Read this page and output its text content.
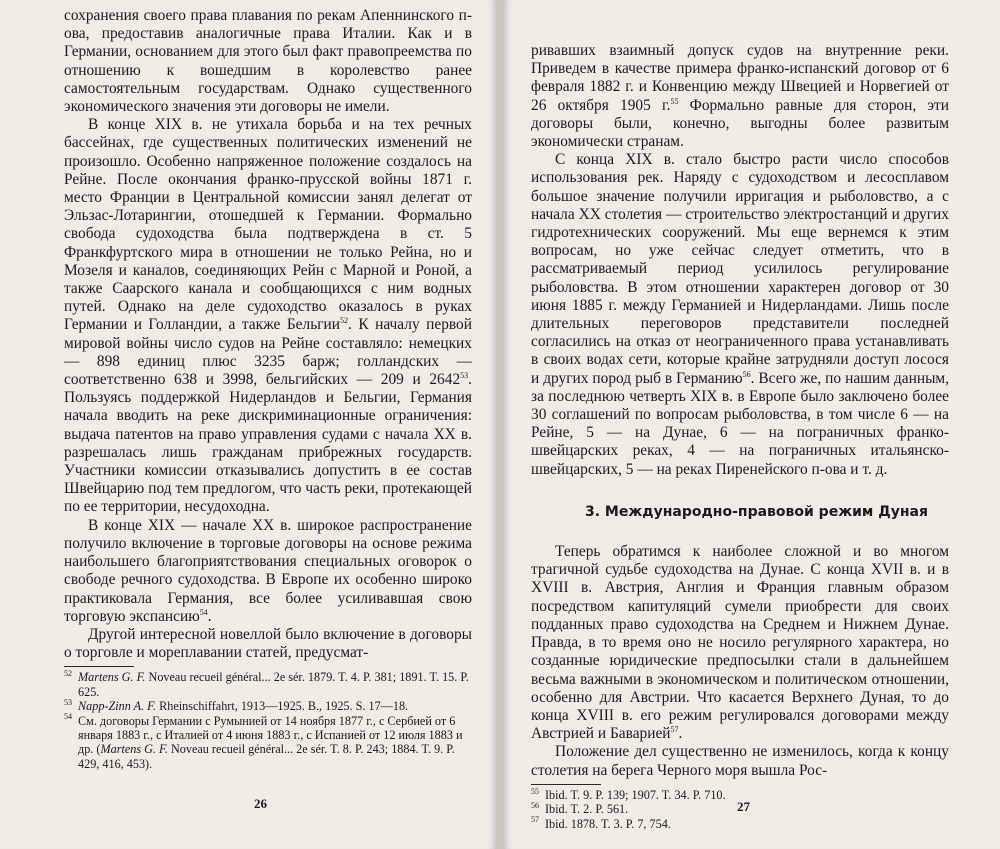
сохранения своего права плавания по рекам Апеннинского п-ова, предоставив аналогичные права Италии. Как и в Германии, основанием для этого был факт правопреемства по отношению к вошедшим в королевство ранее самостоятельным государствам. Однако существенного экономического значения эти договоры не имели.

В конце XIX в. не утихала борьба и на тех речных бассейнах, где существенных политических изменений не произошло. Особенно напряженное положение создалось на Рейне. После окончания франко-прусской войны 1871 г. место Франции в Центральной комиссии занял делегат от Эльзас-Лотарингии, отошедшей к Германии. Формально свобода судоходства была подтверждена в ст. 5 Франкфуртского мира в отношении не только Рейна, но и Мозеля и каналов, соединяющих Рейн с Марной и Роной, а также Саарского канала и сообщающихся с ним водных путей. Однако на деле судоходство оказалось в руках Германии и Голландии, а также Бельгии$^{52}$. К началу первой мировой войны число судов на Рейне составляло: немецких — 898 единиц плюс 3235 барж; голландских — соответственно 638 и 3998, бельгийских — 209 и 2642$^{53}$. Пользуясь поддержкой Нидерландов и Бельгии, Германия начала вводить на реке дискриминационные ограничения: выдача патентов на право управления судами с начала XX в. разрешалась лишь гражданам прибрежных государств. Участники комиссии отказывались допустить в ее состав Швейцарию под тем предлогом, что часть реки, протекающей по ее территории, несудоходна.

В конце XIX — начале XX в. широкое распространение получило включение в торговые договоры на основе режима наибольшего благоприятствования специальных оговорок о свободе речного судоходства. В Европе их особенно широко практиковала Германия, все более усиливавшая свою торговую экспансию$^{54}$.

Другой интересной новеллой было включение в договоры о торговле и мореплавании статей, предусмат-

52 Martens G. F. Noveau recueil général... 2e sér. 1879. T. 4. P. 381; 1891. T. 15. P. 625.

53 Napp-Zinn A. F. Rheinschiffahrt, 1913—1925. B., 1925. S. 17—18.

54 См. договоры Германии с Румынией от 14 ноября 1877 г., с Сербией от 6 января 1883 г., с Италией от 4 июня 1883 г., с Испанией от 12 июля 1883 и др. (Martens G. F. Noveau recueil général... 2e sér. T. 8. P. 243; 1884. T. 9. P. 429, 416, 453).

26

ривавших взаимный допуск судов на внутренние реки. Приведем в качестве примера франко-испанский договор от 6 февраля 1882 г. и Конвенцию между Швецией и Норвегией от 26 октября 1905 г.$^{55}$ Формально равные для сторон, эти договоры были, конечно, выгодны более развитым экономически странам.

С конца XIX в. стало быстро расти число способов использования рек. Наряду с судоходством и лесосплавом большое значение получили ирригация и рыболовство, а с начала XX столетия — строительство электростанций и других гидротехнических сооружений. Мы еще вернемся к этим вопросам, но уже сейчас следует отметить, что в рассматриваемый период усилилось регулирование рыболовства. В этом отношении характерен договор от 30 июня 1885 г. между Германией и Нидерландами. Лишь после длительных переговоров представители последней согласились на отказ от неограниченного права устанавливать в своих водах сети, которые крайне затрудняли доступ лосося и других пород рыб в Германию$^{56}$. Всего же, по нашим данным, за последнюю четверть XIX в. в Европе было заключено более 30 соглашений по вопросам рыболовства, в том числе 6 — на Рейне, 5 — на Дунае, 6 — на пограничных франко-швейцарских реках, 4 — на пограничных итальянско-швейцарских, 5 — на реках Пиренейского п-ова и т. д.

3. Международно-правовой режим Дуная

Теперь обратимся к наиболее сложной и во многом трагичной судьбе судоходства на Дунае. С конца XVII в. и в XVIII в. Австрия, Англия и Франция главным образом посредством капитуляций сумели приобрести для своих подданных право судоходства на Среднем и Нижнем Дунае. Правда, в то время оно не носило регулярного характера, но созданные юридические предпосылки стали в дальнейшем весьма важными в экономическом и политическом отношении, особенно для Австрии. Что касается Верхнего Дуная, то до конца XVIII в. его режим регулировался договорами между Австрией и Баварией$^{57}$.

Положение дел существенно не изменилось, когда к концу столетия на берега Черного моря вышла Рос-

55 Ibid. T. 9. P. 139; 1907. T. 34. P. 710.

56 Ibid. T. 2. P. 561.

57 Ibid. 1878. T. 3. P. 7, 754.

27
